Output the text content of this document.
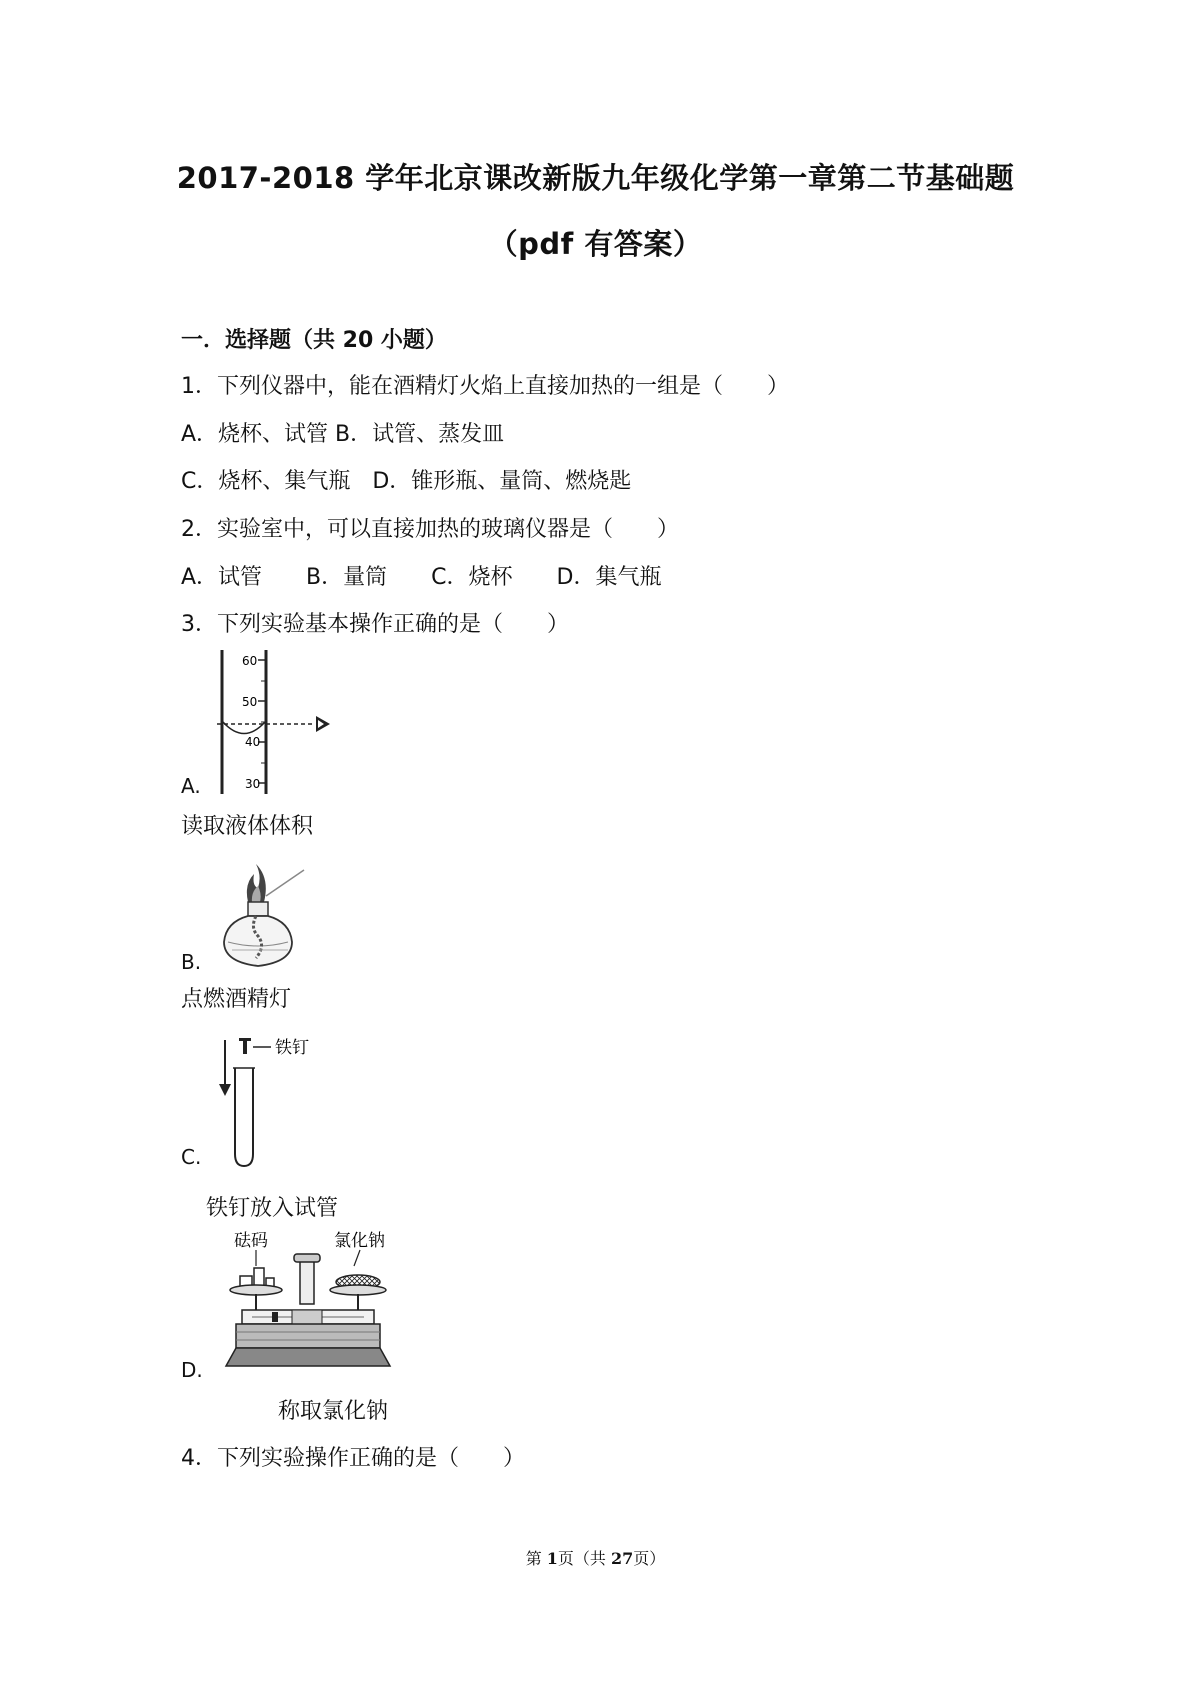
2017-2018 学年北京课改新版九年级化学第一章第二节基础题
（pdf 有答案）
一．选择题（共 20 小题）
1．下列仪器中，能在酒精灯火焰上直接加热的一组是（　　）
A．烧杯、试管 B．试管、蒸发皿
C．烧杯、集气瓶　D．锥形瓶、量筒、燃烧匙
2．实验室中，可以直接加热的玻璃仪器是（　　）
A．试管　　B．量筒　　C．烧杯　　D．集气瓶
3．下列实验基本操作正确的是（　　）
A.
60
50
40
30
读取液体体积
B.
点燃酒精灯
C.
铁钉
铁钉放入试管
D.
砝码	氯化钠
称取氯化钠
4．下列实验操作正确的是（　　）
第 1页（共 27页）
